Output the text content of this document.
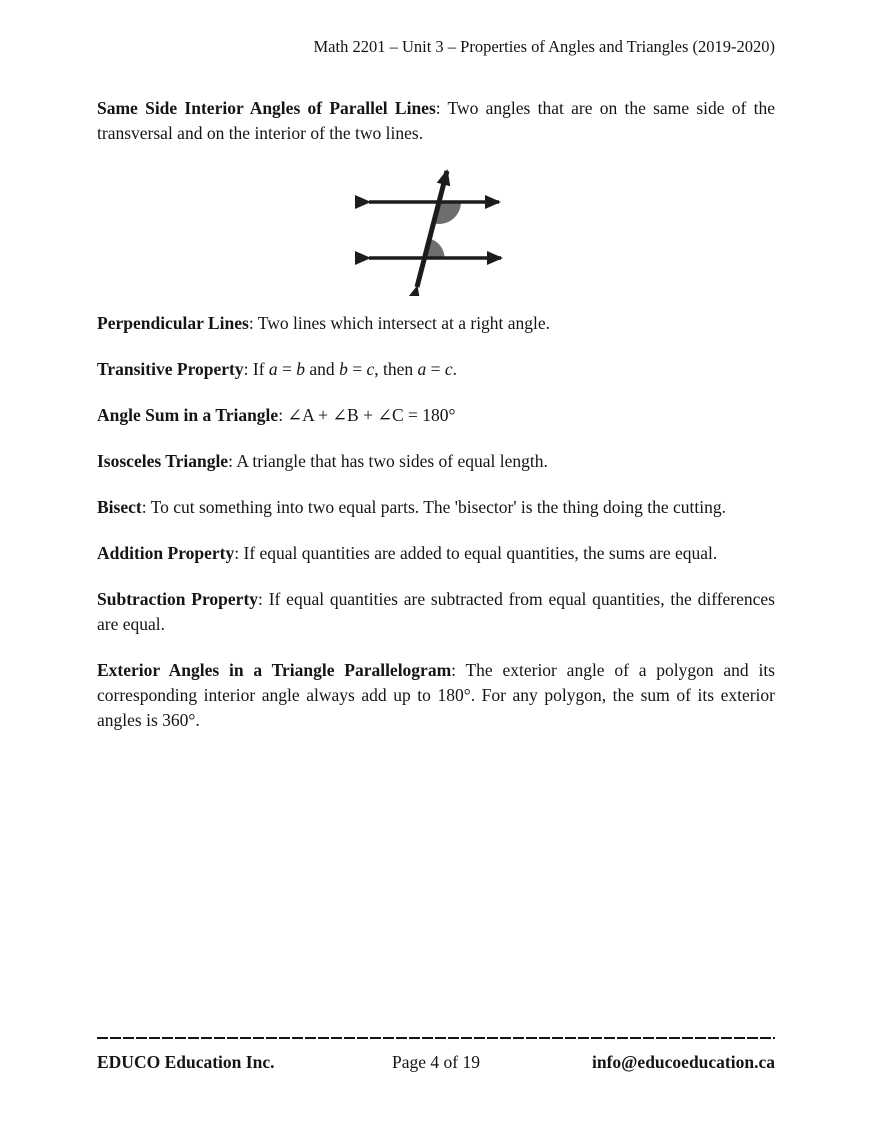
Math 2201 – Unit 3 – Properties of Angles and Triangles (2019-2020)

Same Side Interior Angles of Parallel Lines: Two angles that are on the same side of the transversal and on the interior of the two lines.

Perpendicular Lines: Two lines which intersect at a right angle.

Transitive Property: If a = b and b = c, then a = c.

Angle Sum in a Triangle: ∠A + ∠B + ∠C = 180°

Isosceles Triangle: A triangle that has two sides of equal length.

Bisect: To cut something into two equal parts. The 'bisector' is the thing doing the cutting.

Addition Property: If equal quantities are added to equal quantities, the sums are equal.

Subtraction Property: If equal quantities are subtracted from equal quantities, the differences are equal.

Exterior Angles in a Triangle Parallelogram: The exterior angle of a polygon and its corresponding interior angle always add up to 180°. For any polygon, the sum of its exterior angles is 360°.

EDUCO Education Inc.	Page 4 of 19	info@educoeducation.ca
